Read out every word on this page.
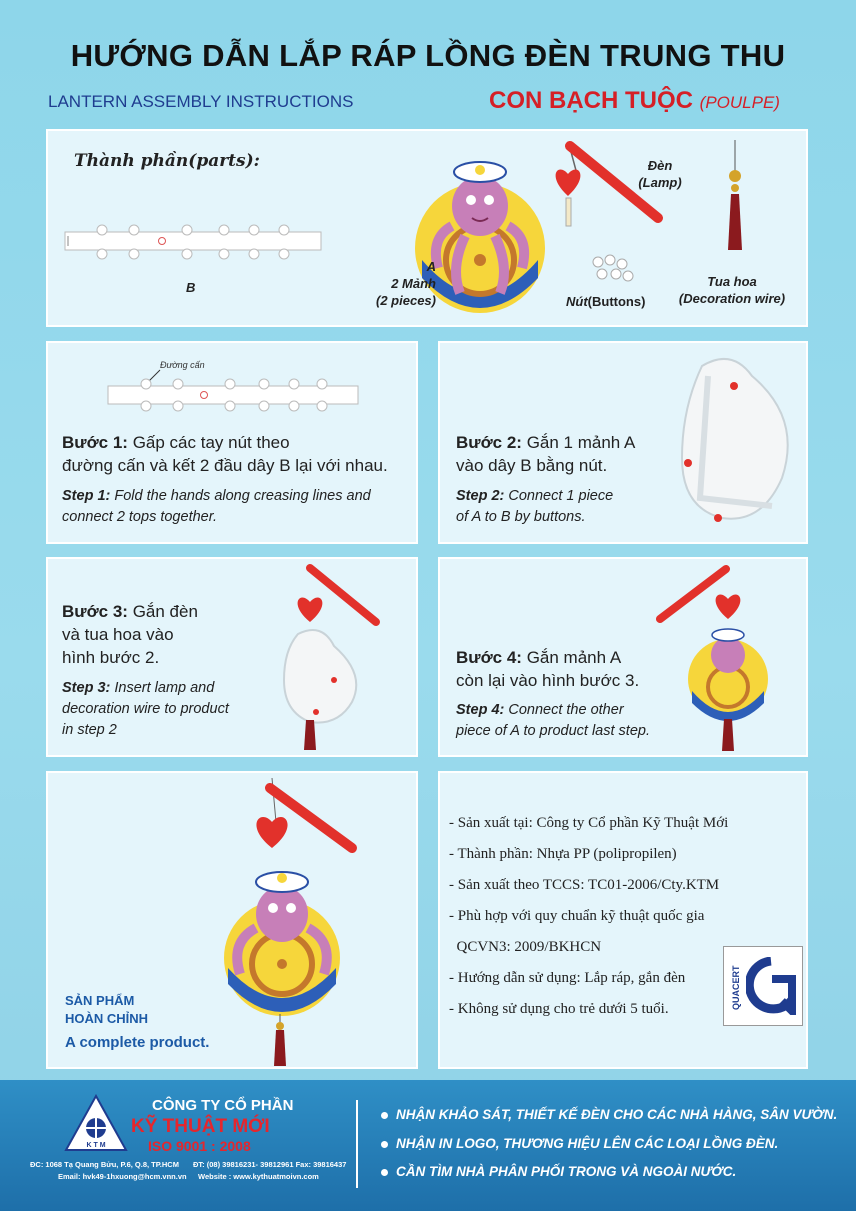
HƯỚNG DẪN LẮP RÁP LỒNG ĐÈN TRUNG THU
LANTERN ASSEMBLY INSTRUCTIONS	CON BẠCH TUỘC (POULPE)
Thành phần(parts):
B
A
2 Mảnh
(2 pieces)
Đèn
(Lamp)
Nút(Buttons)
Tua hoa
(Decoration wire)
Đường cấn
Bước 1: Gấp các tay nút theo
đường cấn và kết 2 đầu dây B lại với nhau.
Step 1: Fold the hands along creasing lines and
connect 2 tops together.
Bước 2: Gắn 1 mảnh A
vào dây B bằng nút.
Step 2: Connect 1 piece
of A to B by buttons.
Bước 3: Gắn đèn
và tua hoa vào
hình bước 2.
Step 3: Insert lamp and
decoration wire to product
in step 2
Bước 4: Gắn mảnh A
còn lại vào hình bước 3.
Step 4: Connect the other
piece of A to product last step.
SẢN PHẨM
HOÀN CHỈNH
A complete product.
- Sản xuất tại: Công ty Cổ phần Kỹ Thuật Mới
- Thành phần: Nhựa PP (polipropilen)
- Sản xuất theo TCCS: TC01-2006/Cty.KTM
- Phù hợp với quy chuẩn kỹ thuật quốc gia
QCVN3: 2009/BKHCN
- Hướng dẫn sử dụng: Lắp ráp, gắn đèn
- Không sử dụng cho trẻ dưới 5 tuổi.	QUACERT
K T M
CÔNG TY CỔ PHẦN
KỸ THUẬT MỚI
ISO 9001 : 2008
ĐC: 1068 Tạ Quang Bửu, P.6, Q.8, TP.HCM ĐT: (08) 39816231- 39812961 Fax: 39816437
Email: hvk49-1hxuong@hcm.vnn.vn Website : www.kythuatmoivn.com
NHẬN KHẢO SÁT, THIẾT KẾ ĐÈN CHO CÁC NHÀ HÀNG, SÂN VƯỜN.
NHẬN IN LOGO, THƯƠNG HIỆU LÊN CÁC LOẠI LỒNG ĐÈN.
CẦN TÌM NHÀ PHÂN PHỐI TRONG VÀ NGOÀI NƯỚC.
